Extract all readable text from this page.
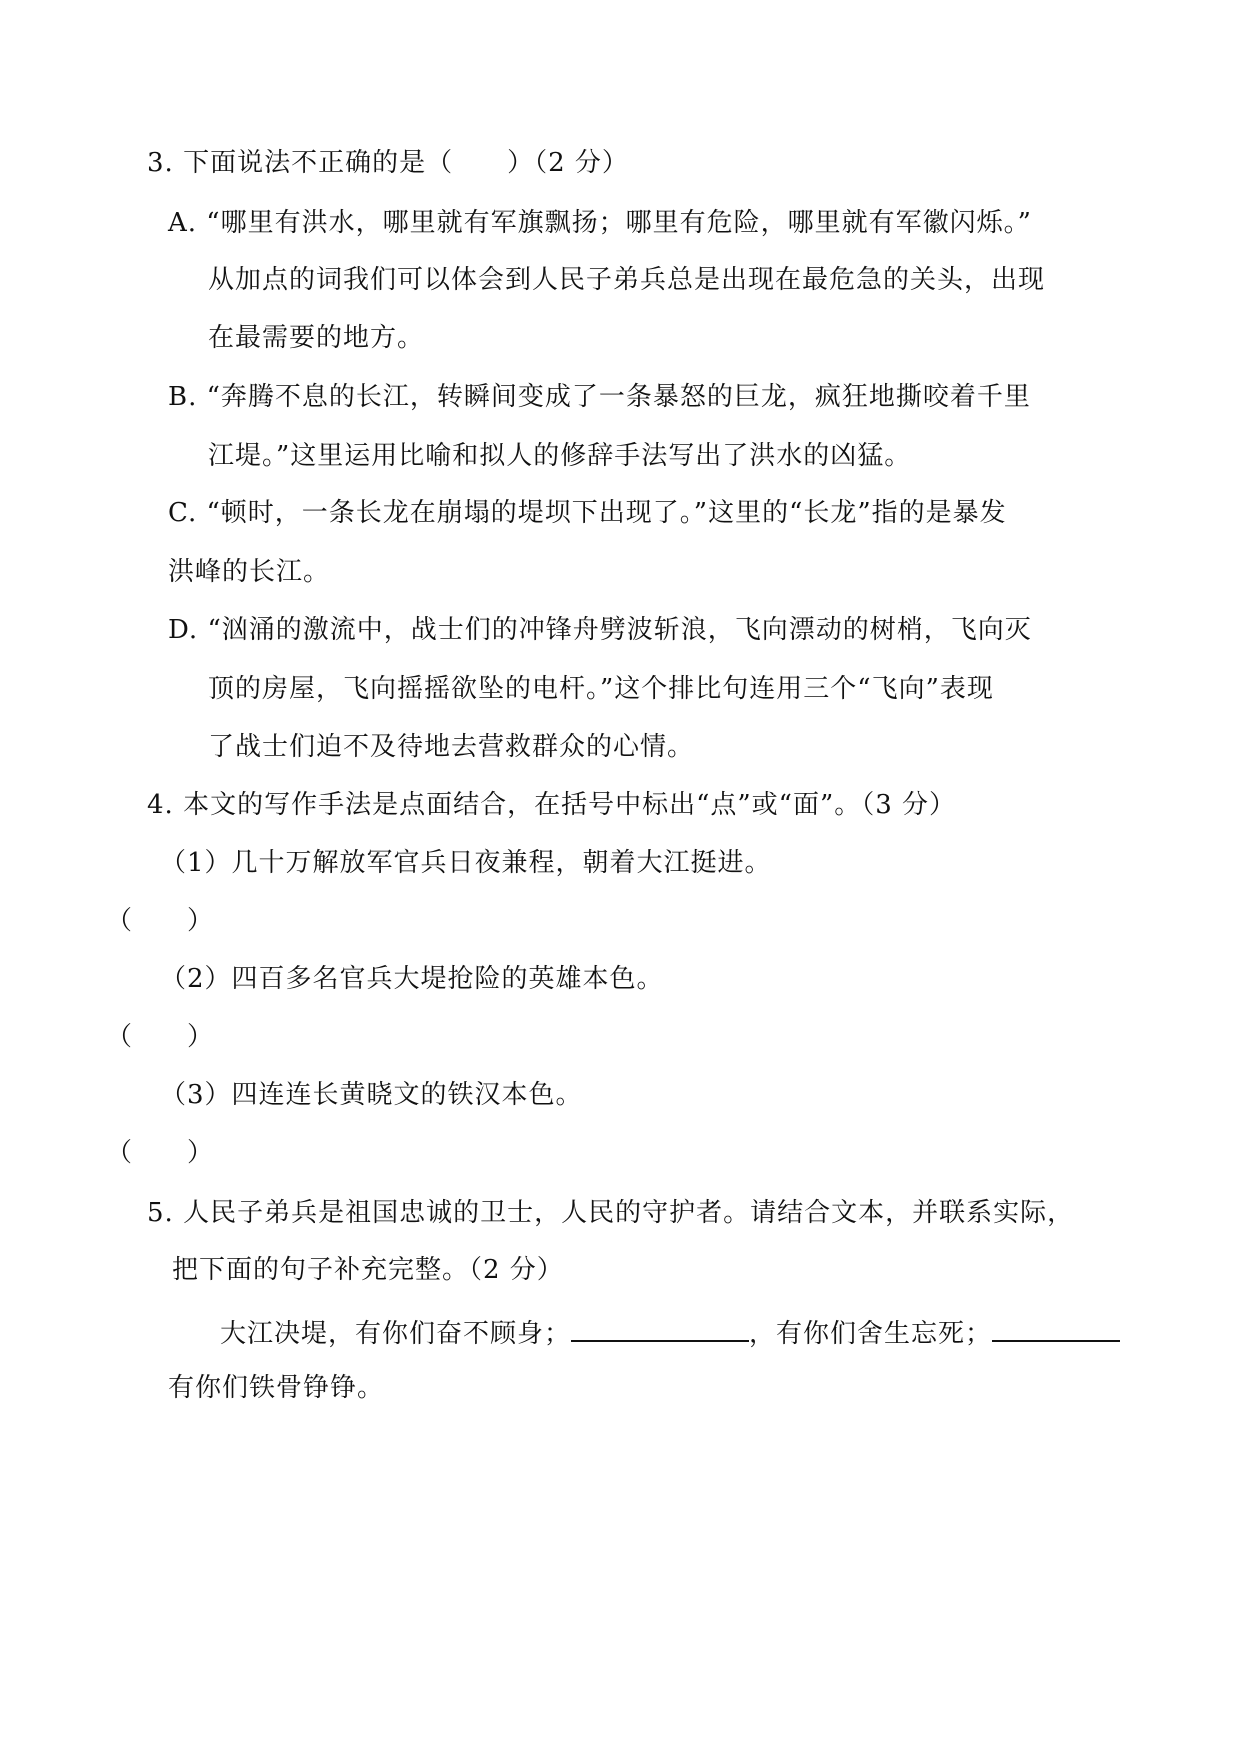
3. 下面说法不正确的是（　　）（2 分）
A. “哪里有洪水，哪里就有军旗飘扬；哪里有危险，哪里就有军徽闪烁。”
从加点的词我们可以体会到人民子弟兵总是出现在最危急的关头，出现
在最需要的地方。
B. “奔腾不息的长江，转瞬间变成了一条暴怒的巨龙，疯狂地撕咬着千里
江堤。”这里运用比喻和拟人的修辞手法写出了洪水的凶猛。
C. “顿时，一条长龙在崩塌的堤坝下出现了。”这里的“长龙”指的是暴发
洪峰的长江。
D. “汹涌的激流中，战士们的冲锋舟劈波斩浪，飞向漂动的树梢，飞向灭
顶的房屋，飞向摇摇欲坠的电杆。”这个排比句连用三个“飞向”表现
了战士们迫不及待地去营救群众的心情。
4. 本文的写作手法是点面结合，在括号中标出“点”或“面”。（3 分）
（1）几十万解放军官兵日夜兼程，朝着大江挺进。
（　　）
（2）四百多名官兵大堤抢险的英雄本色。
（　　）
（3）四连连长黄晓文的铁汉本色。
（　　）
5. 人民子弟兵是祖国忠诚的卫士，人民的守护者。请结合文本，并联系实际，
把下面的句子补充完整。（2 分）
大江决堤，有你们奋不顾身；	，有你们舍生忘死；
有你们铁骨铮铮。
